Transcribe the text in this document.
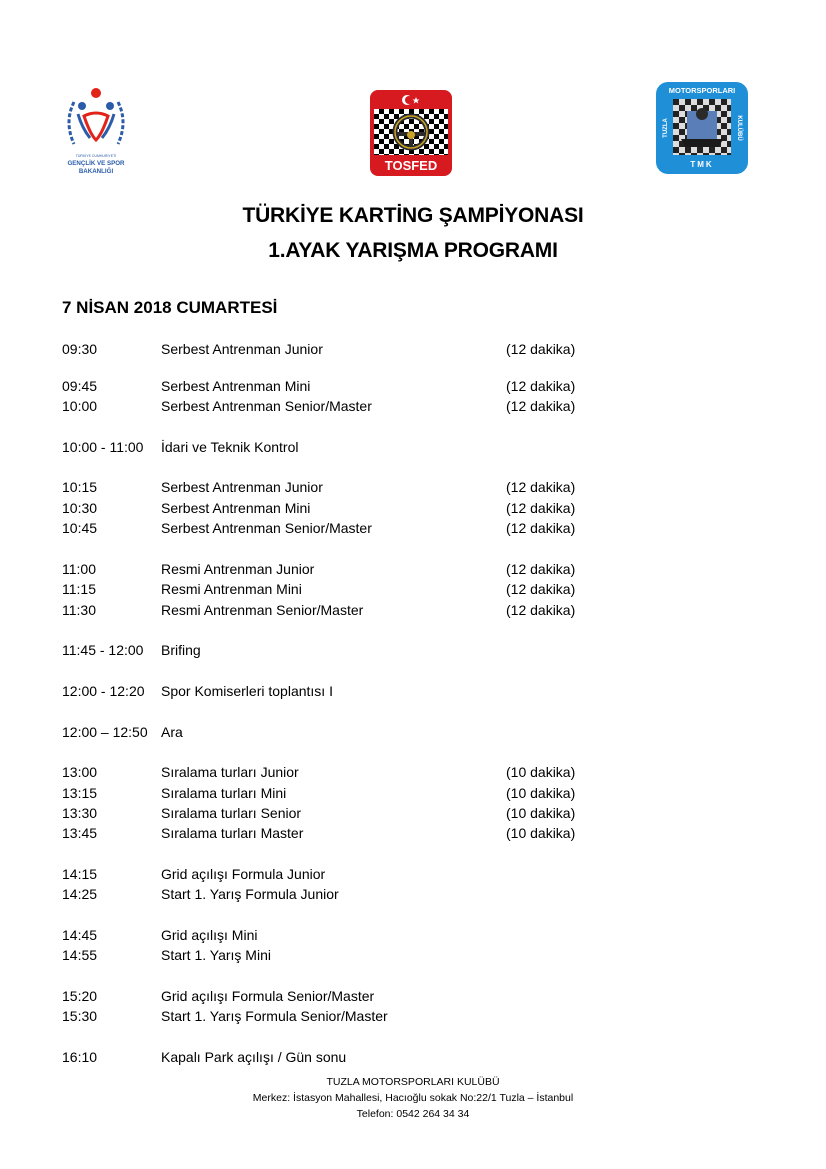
TÜRKİYE CUMHURİYETİ
GENÇLİK VE SPOR
BAKANLIĞI	TOSFED
MOTORSPORLARI
TUZLA	KULÜBÜ
TMK
TÜRKİYE KARTİNG ŞAMPİYONASI
1.AYAK YARIŞMA PROGRAMI
7 NİSAN 2018 CUMARTESİ
09:30	Serbest Antrenman Junior	(12 dakika)
09:45	Serbest Antrenman Mini	(12 dakika)
10:00	Serbest Antrenman Senior/Master	(12 dakika)
10:00 - 11:00 İdari ve Teknik Kontrol
10:15	Serbest Antrenman Junior	(12 dakika)
10:30	Serbest Antrenman Mini	(12 dakika)
10:45	Serbest Antrenman Senior/Master	(12 dakika)
11:00	Resmi Antrenman Junior	(12 dakika)
11:15	Resmi Antrenman Mini	(12 dakika)
11:30	Resmi Antrenman Senior/Master	(12 dakika)
11:45 - 12:00 Brifing
12:00 - 12:20 Spor Komiserleri toplantısı I
12:00 – 12:50 Ara
13:00	Sıralama turları Junior	(10 dakika)
13:15	Sıralama turları Mini	(10 dakika)
13:30	Sıralama turları Senior	(10 dakika)
13:45	Sıralama turları Master	(10 dakika)
14:15	Grid açılışı Formula Junior
14:25	Start 1. Yarış Formula Junior
14:45	Grid açılışı Mini
14:55	Start 1. Yarış Mini
15:20	Grid açılışı Formula Senior/Master
15:30	Start 1. Yarış Formula Senior/Master
16:10	Kapalı Park açılışı / Gün sonu
TUZLA MOTORSPORLARI KULÜBÜ
Merkez: İstasyon Mahallesi, Hacıoğlu sokak No:22/1 Tuzla – İstanbul
Telefon: 0542 264 34 34
